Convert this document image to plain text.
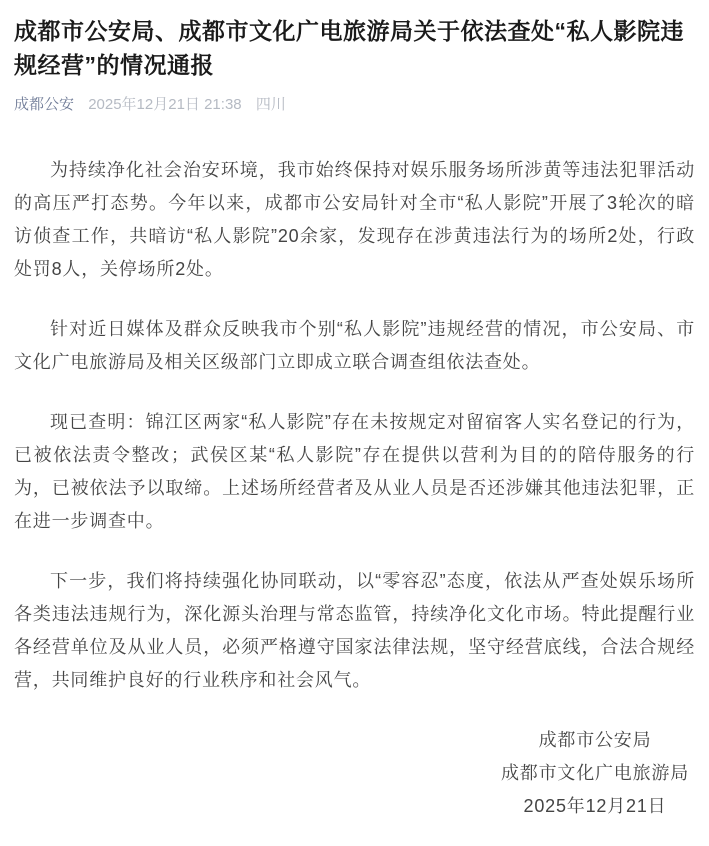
成都市公安局、成都市文化广电旅游局关于依法查处“私人影院违规经营”的情况通报
成都公安 2025年12月21日 21:38 四川

为持续净化社会治安环境，我市始终保持对娱乐服务场所涉黄等违法犯罪活动的高压严打态势。今年以来，成都市公安局针对全市“私人影院”开展了3轮次的暗访侦查工作，共暗访“私人影院”20余家，发现存在涉黄违法行为的场所2处，行政处罚8人，关停场所2处。

针对近日媒体及群众反映我市个别“私人影院”违规经营的情况，市公安局、市文化广电旅游局及相关区级部门立即成立联合调查组依法查处。

现已查明：锦江区两家“私人影院”存在未按规定对留宿客人实名登记的行为，已被依法责令整改；武侯区某“私人影院”存在提供以营利为目的的陪侍服务的行为，已被依法予以取缔。上述场所经营者及从业人员是否还涉嫌其他违法犯罪，正在进一步调查中。

下一步，我们将持续强化协同联动，以“零容忍”态度，依法从严查处娱乐场所各类违法违规行为，深化源头治理与常态监管，持续净化文化市场。特此提醒行业各经营单位及从业人员，必须严格遵守国家法律法规，坚守经营底线，合法合规经营，共同维护良好的行业秩序和社会风气。

成都市公安局

成都市文化广电旅游局

2025年12月21日
